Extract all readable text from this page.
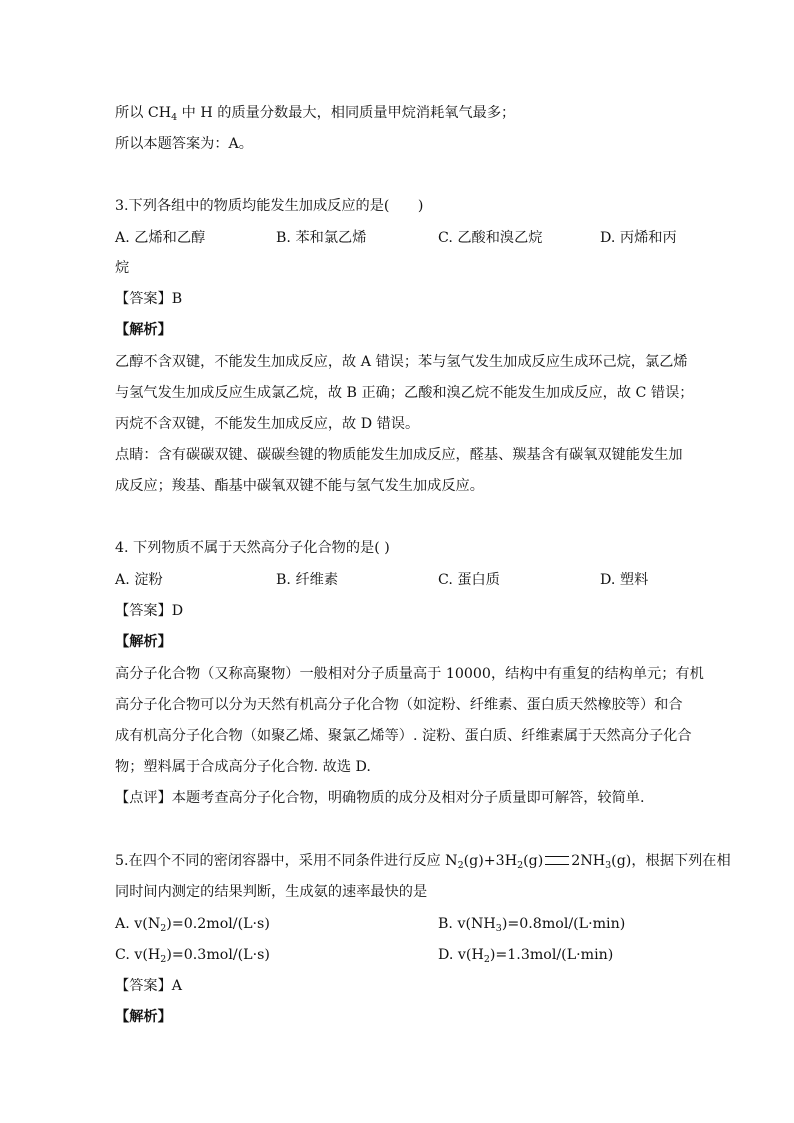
所以 $CH_4$ 中 H 的质量分数最大，相同质量甲烷消耗氧气最多；
所以本题答案为：A。
3.下列各组中的物质均能发生加成反应的是(　　)
A. 乙烯和乙醇	B. 苯和氯乙烯	C. 乙酸和溴乙烷	D. 丙烯和丙
烷
【答案】B
【解析】
乙醇不含双键，不能发生加成反应，故 A 错误；苯与氢气发生加成反应生成环己烷，氯乙烯
与氢气发生加成反应生成氯乙烷，故 B 正确；乙酸和溴乙烷不能发生加成反应，故 C 错误；
丙烷不含双键，不能发生加成反应，故 D 错误。
点睛：含有碳碳双键、碳碳叁键的物质能发生加成反应，醛基、羰基含有碳氧双键能发生加
成反应；羧基、酯基中碳氧双键不能与氢气发生加成反应。
4. 下列物质不属于天然高分子化合物的是( )
A. 淀粉	B. 纤维素	C. 蛋白质	D. 塑料
【答案】D
【解析】
高分子化合物（又称高聚物）一般相对分子质量高于 10000，结构中有重复的结构单元；有机
高分子化合物可以分为天然有机高分子化合物（如淀粉、纤维素、蛋白质天然橡胶等）和合
成有机高分子化合物（如聚乙烯、聚氯乙烯等）. 淀粉、蛋白质、纤维素属于天然高分子化合
物；塑料属于合成高分子化合物. 故选 D.
【点评】本题考查高分子化合物，明确物质的成分及相对分子质量即可解答，较简单.
5.在四个不同的密闭容器中，采用不同条件进行反应 $N_2(g)+3H_2(g)$ $2NH_3(g)$，根据下列在相
同时间内测定的结果判断，生成氨的速率最快的是
A. $v(N_2)=0.2mol/(L\cdot s)$	B. $v(NH_3)=0.8mol/(L\cdot\min)$
C. $v(H_2)=0.3mol/(L\cdot s)$	D. $v(H_2)=1.3mol/(L\cdot\min)$
【答案】A
【解析】
